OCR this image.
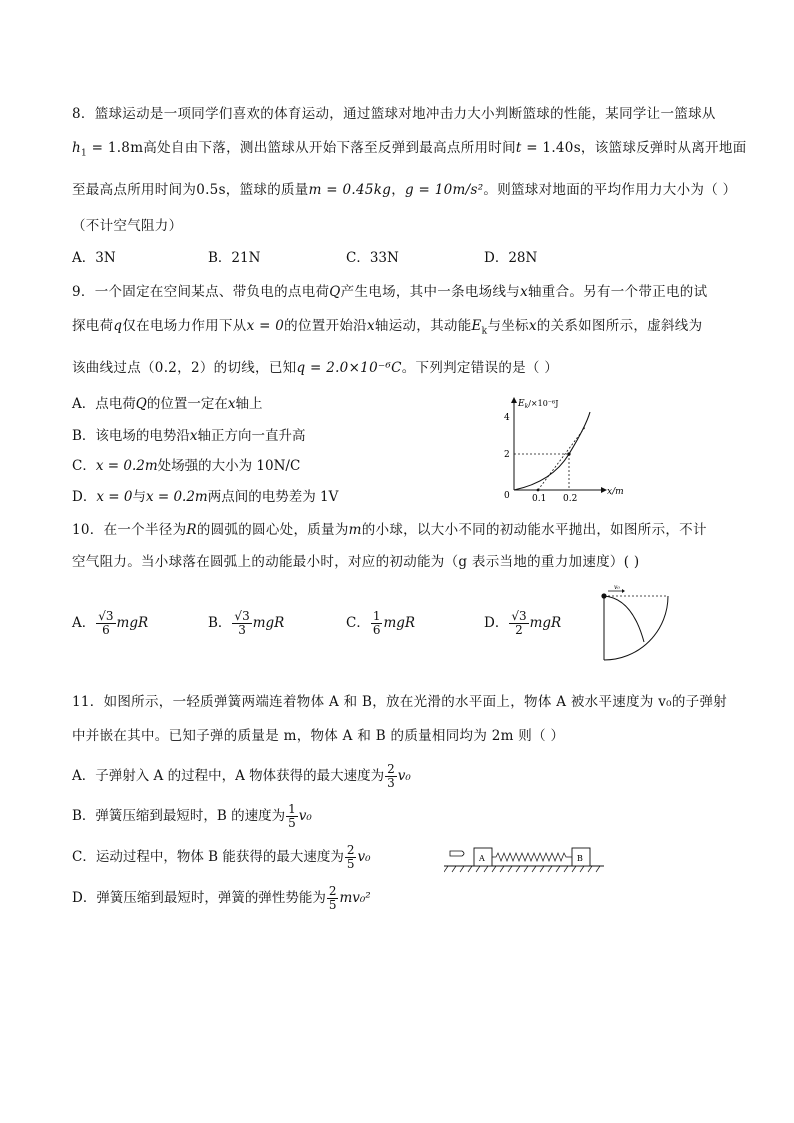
8．篮球运动是一项同学们喜欢的体育运动，通过篮球对地冲击力大小判断篮球的性能，某同学让一篮球从
$h_1 = 1.8m$高处自由下落，测出篮球从开始下落至反弹到最高点所用时间t = 1.40s，该篮球反弹时从离开地面
至最高点所用时间为0.5s，篮球的质量m = 0.45kg，g = 10m/s²。则篮球对地面的平均作用力大小为（ ）
（不计空气阻力）
A．3N	B．21N	C．33N	D．28N
9．一个固定在空间某点、带负电的点电荷Q产生电场，其中一条电场线与x轴重合。另有一个带正电的试
探电荷q仅在电场力作用下从x = 0的位置开始沿x轴运动，其动能$E_k$与坐标x的关系如图所示，虚斜线为
该曲线过点（0.2，2）的切线，已知q = 2.0×10⁻⁶C。下列判定错误的是（ ）
A．点电荷Q的位置一定在x轴上
B．该电场的电势沿x轴正方向一直升高
C．x = 0.2m处场强的大小为 10N/C
D．x = 0与x = 0.2m两点间的电势差为 1V
$E_k/\times 10^{-6}J$
4
2
0 0.1 0.2
x/m
10．在一个半径为R的圆弧的圆心处，质量为m的小球，以大小不同的初动能水平抛出，如图所示，不计
空气阻力。当小球落在圆弧上的动能最小时，对应的初动能为（g 表示当地的重力加速度）( )
A． $\frac{√3}{6}$ mgR	B． $\frac{√3}{3}$ mgR	C． $\frac{1}{6}$ mgR	D． $\frac{√3}{2}$ mgR
v₀
11．如图所示，一轻质弹簧两端连着物体 A 和 B，放在光滑的水平面上，物体 A 被水平速度为 v₀的子弹射
中并嵌在其中。已知子弹的质量是 m，物体 A 和 B 的质量相同均为 2m 则（ ）
A．子弹射入 A 的过程中，A 物体获得的最大速度为 $\frac{2}{3} v_0$
B．弹簧压缩到最短时，B 的速度为 $\frac{1}{5} v_0$
C．运动过程中，物体 B 能获得的最大速度为 $\frac{2}{5} v_0$
D．弹簧压缩到最短时，弹簧的弹性势能为 $\frac{2}{5} mv_0^2$
A	B
